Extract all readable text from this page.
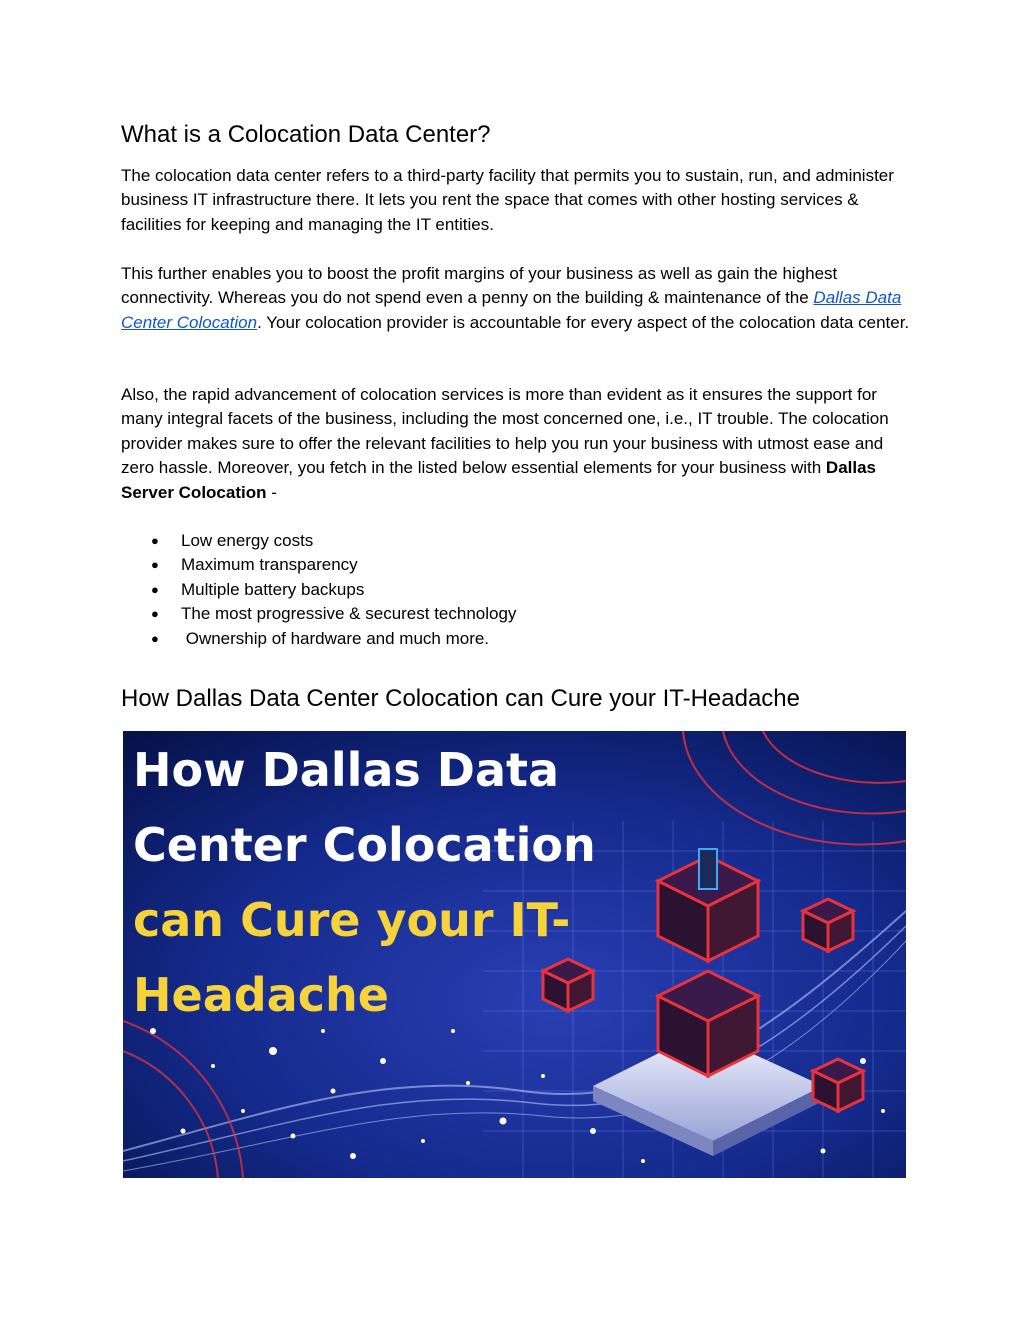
What is a Colocation Data Center?

The colocation data center refers to a third-party facility that permits you to sustain, run, and administer business IT infrastructure there. It lets you rent the space that comes with other hosting services & facilities for keeping and managing the IT entities.

This further enables you to boost the profit margins of your business as well as gain the highest connectivity. Whereas you do not spend even a penny on the building & maintenance of the Dallas Data Center Colocation. Your colocation provider is accountable for every aspect of the colocation data center.

Also, the rapid advancement of colocation services is more than evident as it ensures the support for many integral facets of the business, including the most concerned one, i.e., IT trouble. The colocation provider makes sure to offer the relevant facilities to help you run your business with utmost ease and zero hassle. Moreover, you fetch in the listed below essential elements for your business with Dallas Server Colocation -

● Low energy costs
● Maximum transparency
● Multiple battery backups
● The most progressive & securest technology
● Ownership of hardware and much more.
How Dallas Data Center Colocation can Cure your IT-Headache
How Dallas Data
Center Colocation
can Cure your IT-
Headache
